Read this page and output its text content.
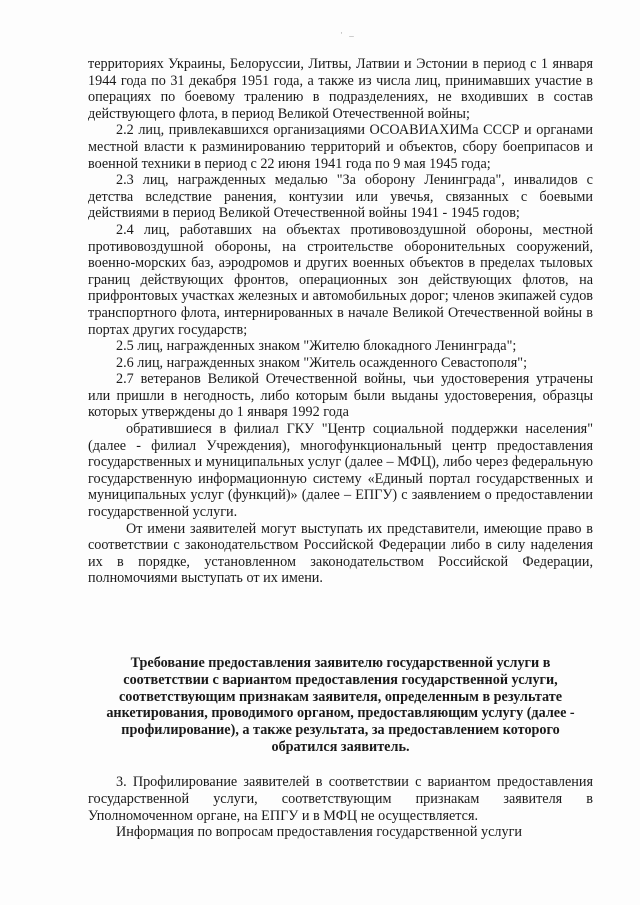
· _

территориях Украины, Белоруссии, Литвы, Латвии и Эстонии в период с 1 января 1944 года по 31 декабря 1951 года, а также из числа лиц, принимавших участие в операциях по боевому тралению в подразделениях, не входивших в состав действующего флота, в период Великой Отечественной войны;

2.2 лиц, привлекавшихся организациями ОСОАВИАХИМа СССР и органами местной власти к разминированию территорий и объектов, сбору боеприпасов и военной техники в период с 22 июня 1941 года по 9 мая 1945 года;

2.3 лиц, награжденных медалью "За оборону Ленинграда", инвалидов с детства вследствие ранения, контузии или увечья, связанных с боевыми действиями в период Великой Отечественной войны 1941 - 1945 годов;

2.4 лиц, работавших на объектах противовоздушной обороны, местной противовоздушной обороны, на строительстве оборонительных сооружений, военно-морских баз, аэродромов и других военных объектов в пределах тыловых границ действующих фронтов, операционных зон действующих флотов, на прифронтовых участках железных и автомобильных дорог; членов экипажей судов транспортного флота, интернированных в начале Великой Отечественной войны в портах других государств;

2.5 лиц, награжденных знаком "Жителю блокадного Ленинграда";

2.6 лиц, награжденных знаком "Житель осажденного Севастополя";

2.7 ветеранов Великой Отечественной войны, чьи удостоверения утрачены или пришли в негодность, либо которым были выданы удостоверения, образцы которых утверждены до 1 января 1992 года

обратившиеся в филиал ГКУ "Центр социальной поддержки населения" (далее - филиал Учреждения), многофункциональный центр предоставления государственных и муниципальных услуг (далее – МФЦ), либо через федеральную государственную информационную систему «Единый портал государственных и муниципальных услуг (функций)» (далее – ЕПГУ) с заявлением о предоставлении государственной услуги.

От имени заявителей могут выступать их представители, имеющие право в соответствии с законодательством Российской Федерации либо в силу наделения их в порядке, установленном законодательством Российской Федерации, полномочиями выступать от их имени.

Требование предоставления заявителю государственной услуги в соответствии с вариантом предоставления государственной услуги, соответствующим признакам заявителя, определенным в результате анкетирования, проводимого органом, предоставляющим услугу (далее - профилирование), а также результата, за предоставлением которого обратился заявитель.

3. Профилирование заявителей в соответствии с вариантом предоставления государственной услуги, соответствующим признакам заявителя в Уполномоченном органе, на ЕПГУ и в МФЦ не осуществляется.

Информация по вопросам предоставления государственной услуги
